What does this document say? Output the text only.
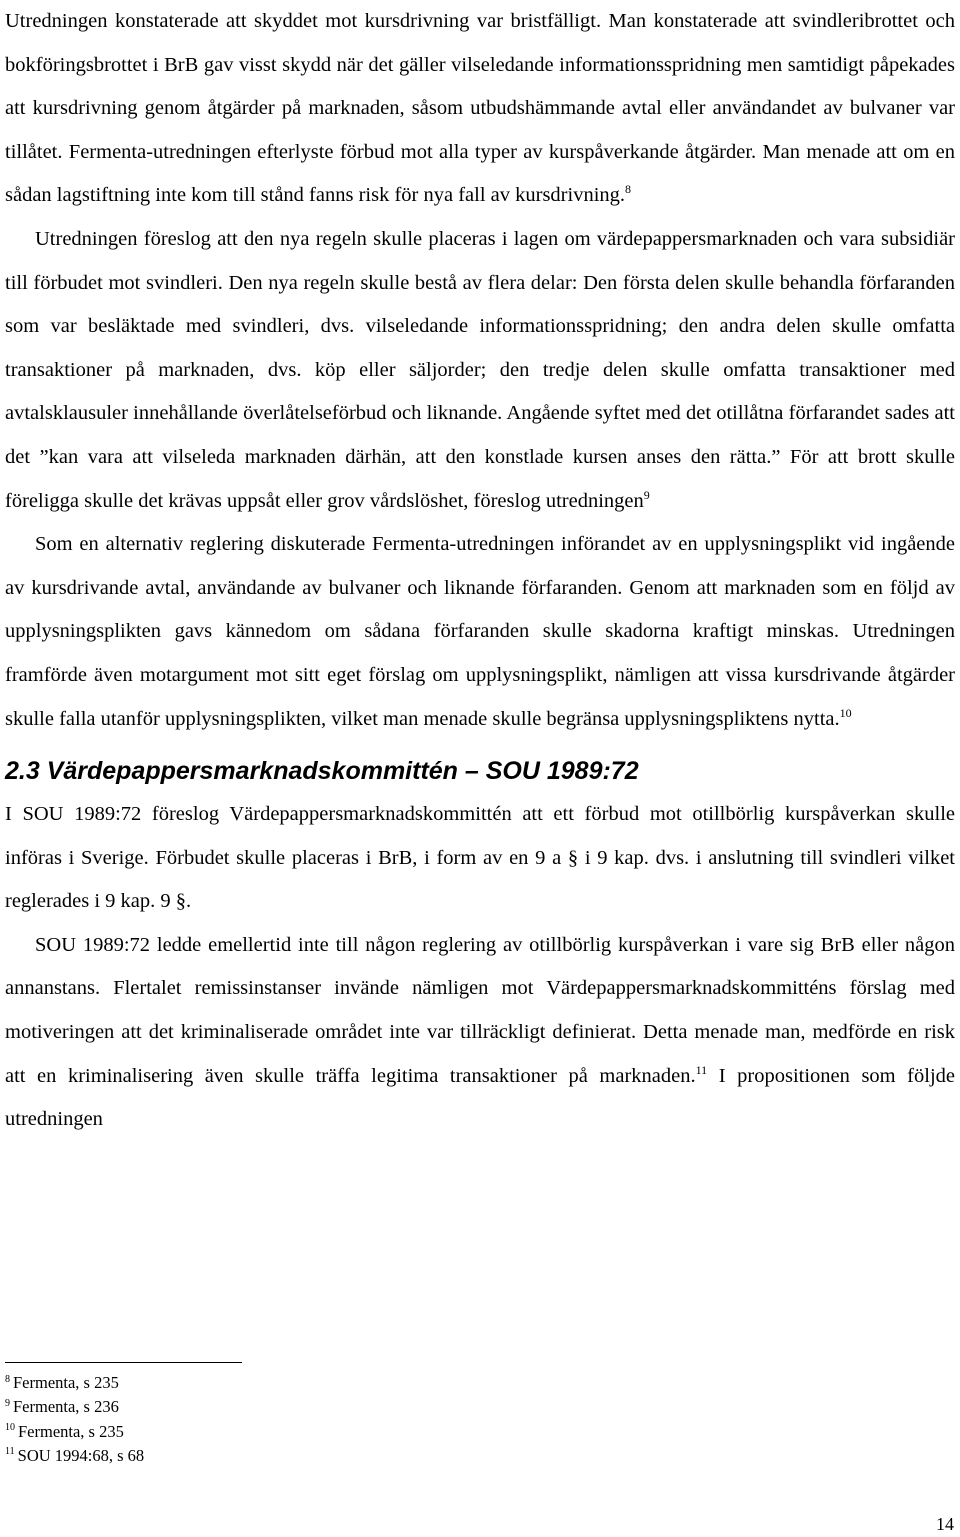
Utredningen konstaterade att skyddet mot kursdrivning var bristfälligt. Man konstaterade att svindleribrottet och bokföringsbrottet i BrB gav visst skydd när det gäller vilseledande informationsspridning men samtidigt påpekades att kursdrivning genom åtgärder på marknaden, såsom utbudshämmande avtal eller användandet av bulvaner var tillåtet. Fermenta-utredningen efterlyste förbud mot alla typer av kurspåverkande åtgärder. Man menade att om en sådan lagstiftning inte kom till stånd fanns risk för nya fall av kursdrivning.$^8$

Utredningen föreslog att den nya regeln skulle placeras i lagen om värdepappersmarknaden och vara subsidiär till förbudet mot svindleri. Den nya regeln skulle bestå av flera delar: Den första delen skulle behandla förfaranden som var besläktade med svindleri, dvs. vilseledande informationsspridning; den andra delen skulle omfatta transaktioner på marknaden, dvs. köp eller säljorder; den tredje delen skulle omfatta transaktioner med avtalsklausuler innehållande överlåtelseförbud och liknande. Angående syftet med det otillåtna förfarandet sades att det ”kan vara att vilseleda marknaden därhän, att den konstlade kursen anses den rätta.” För att brott skulle föreligga skulle det krävas uppsåt eller grov vårdslöshet, föreslog utredningen$^9$

Som en alternativ reglering diskuterade Fermenta-utredningen införandet av en upplysningsplikt vid ingående av kursdrivande avtal, användande av bulvaner och liknande förfaranden. Genom att marknaden som en följd av upplysningsplikten gavs kännedom om sådana förfaranden skulle skadorna kraftigt minskas. Utredningen framförde även motargument mot sitt eget förslag om upplysningsplikt, nämligen att vissa kursdrivande åtgärder skulle falla utanför upplysningsplikten, vilket man menade skulle begränsa upplysningspliktens nytta.$^{10}$

2.3 Värdepappersmarknadskommittén – SOU 1989:72

I SOU 1989:72 föreslog Värdepappersmarknadskommittén att ett förbud mot otillbörlig kurspåverkan skulle införas i Sverige. Förbudet skulle placeras i BrB, i form av en 9 a § i 9 kap. dvs. i anslutning till svindleri vilket reglerades i 9 kap. 9 §.

SOU 1989:72 ledde emellertid inte till någon reglering av otillbörlig kurspåverkan i vare sig BrB eller någon annanstans. Flertalet remissinstanser invände nämligen mot Värdepappersmarknadskommitténs förslag med motiveringen att det kriminaliserade området inte var tillräckligt definierat. Detta menade man, medförde en risk att en kriminalisering även skulle träffa legitima transaktioner på marknaden.$^{11}$ I propositionen som följde utredningen

$^8$ Fermenta, s 235
$^9$ Fermenta, s 236
$^{10}$ Fermenta, s 235
$^{11}$ SOU 1994:68, s 68
14
